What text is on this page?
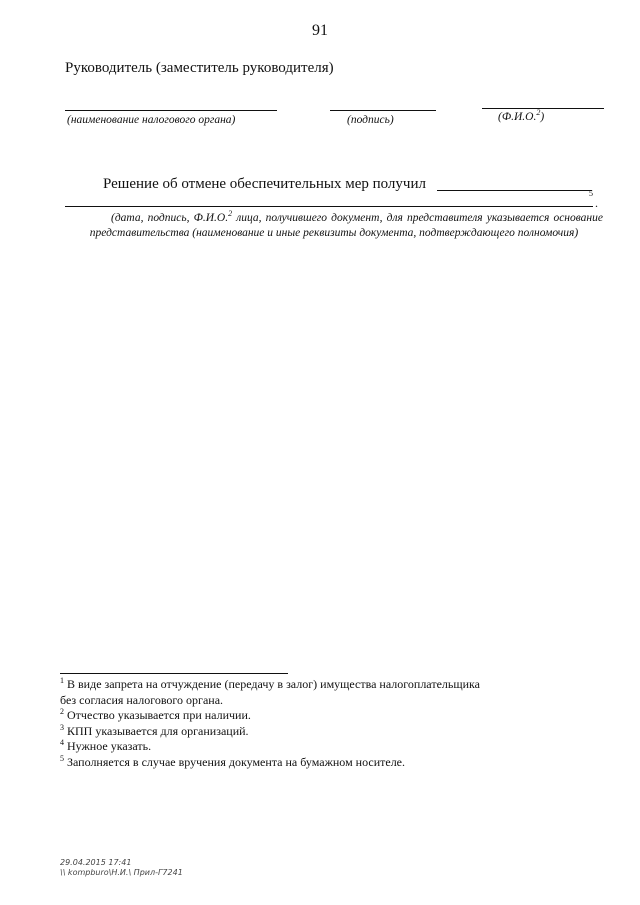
91
Руководитель (заместитель руководителя)
(наименование налогового органа)	(подпись)	(Ф.И.О.$^2$)
Решение об отмене обеспечительных мер получил
5
.
(дата, подпись, Ф.И.О.$^2$ лица, получившего документ, для представителя указывается основание представительства (наименование и иные реквизиты документа, подтверждающего полномочия)
$^1$ В виде запрета на отчуждение (передачу в залог) имущества налогоплательщика
без согласия налогового органа.
$^2$ Отчество указывается при наличии.
$^3$ КПП указывается для организаций.
$^4$ Нужное указать.
$^5$ Заполняется в случае вручения документа на бумажном носителе.
29.04.2015 17:41
\\ kompburo\Н.И.\ Прил-Г7241
